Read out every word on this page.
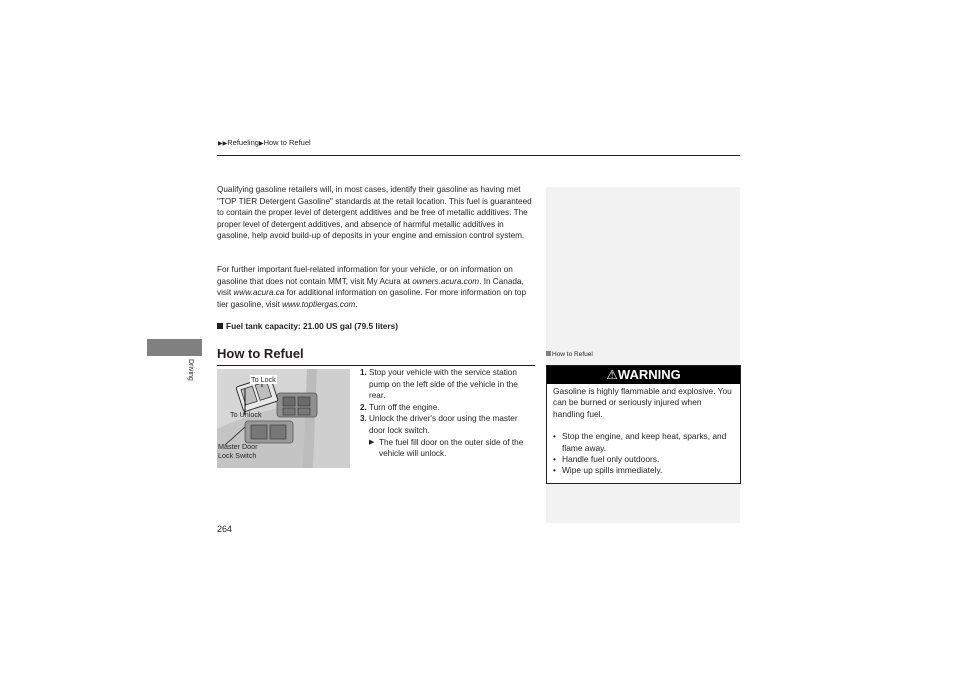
▶▶Refueling▶How to Refuel
Driving

Qualifying gasoline retailers will, in most cases, identify their gasoline as having met "TOP TIER Detergent Gasoline" standards at the retail location. This fuel is guaranteed to contain the proper level of detergent additives and be free of metallic additives. The proper level of detergent additives, and absence of harmful metallic additives in gasoline, help avoid build-up of deposits in your engine and emission control system.

For further important fuel-related information for your vehicle, or on information on gasoline that does not contain MMT, visit My Acura at owners.acura.com. In Canada, visit www.acura.ca for additional information on gasoline. For more information on top tier gasoline, visit www.toptiergas.com.

Fuel tank capacity: 21.00 US gal (79.5 liters)
How to Refuel
To Lock
To Unlock
Master Door
Lock Switch
1. Stop your vehicle with the service station pump on the left side of the vehicle in the rear.
2. Turn off the engine.
3. Unlock the driver's door using the master door lock switch.
▶ The fuel fill door on the outer side of the vehicle will unlock.
How to Refuel
⚠WARNING
Gasoline is highly flammable and explosive. You can be burned or seriously injured when handling fuel.
• Stop the engine, and keep heat, sparks, and flame away.
• Handle fuel only outdoors.
• Wipe up spills immediately.
264
